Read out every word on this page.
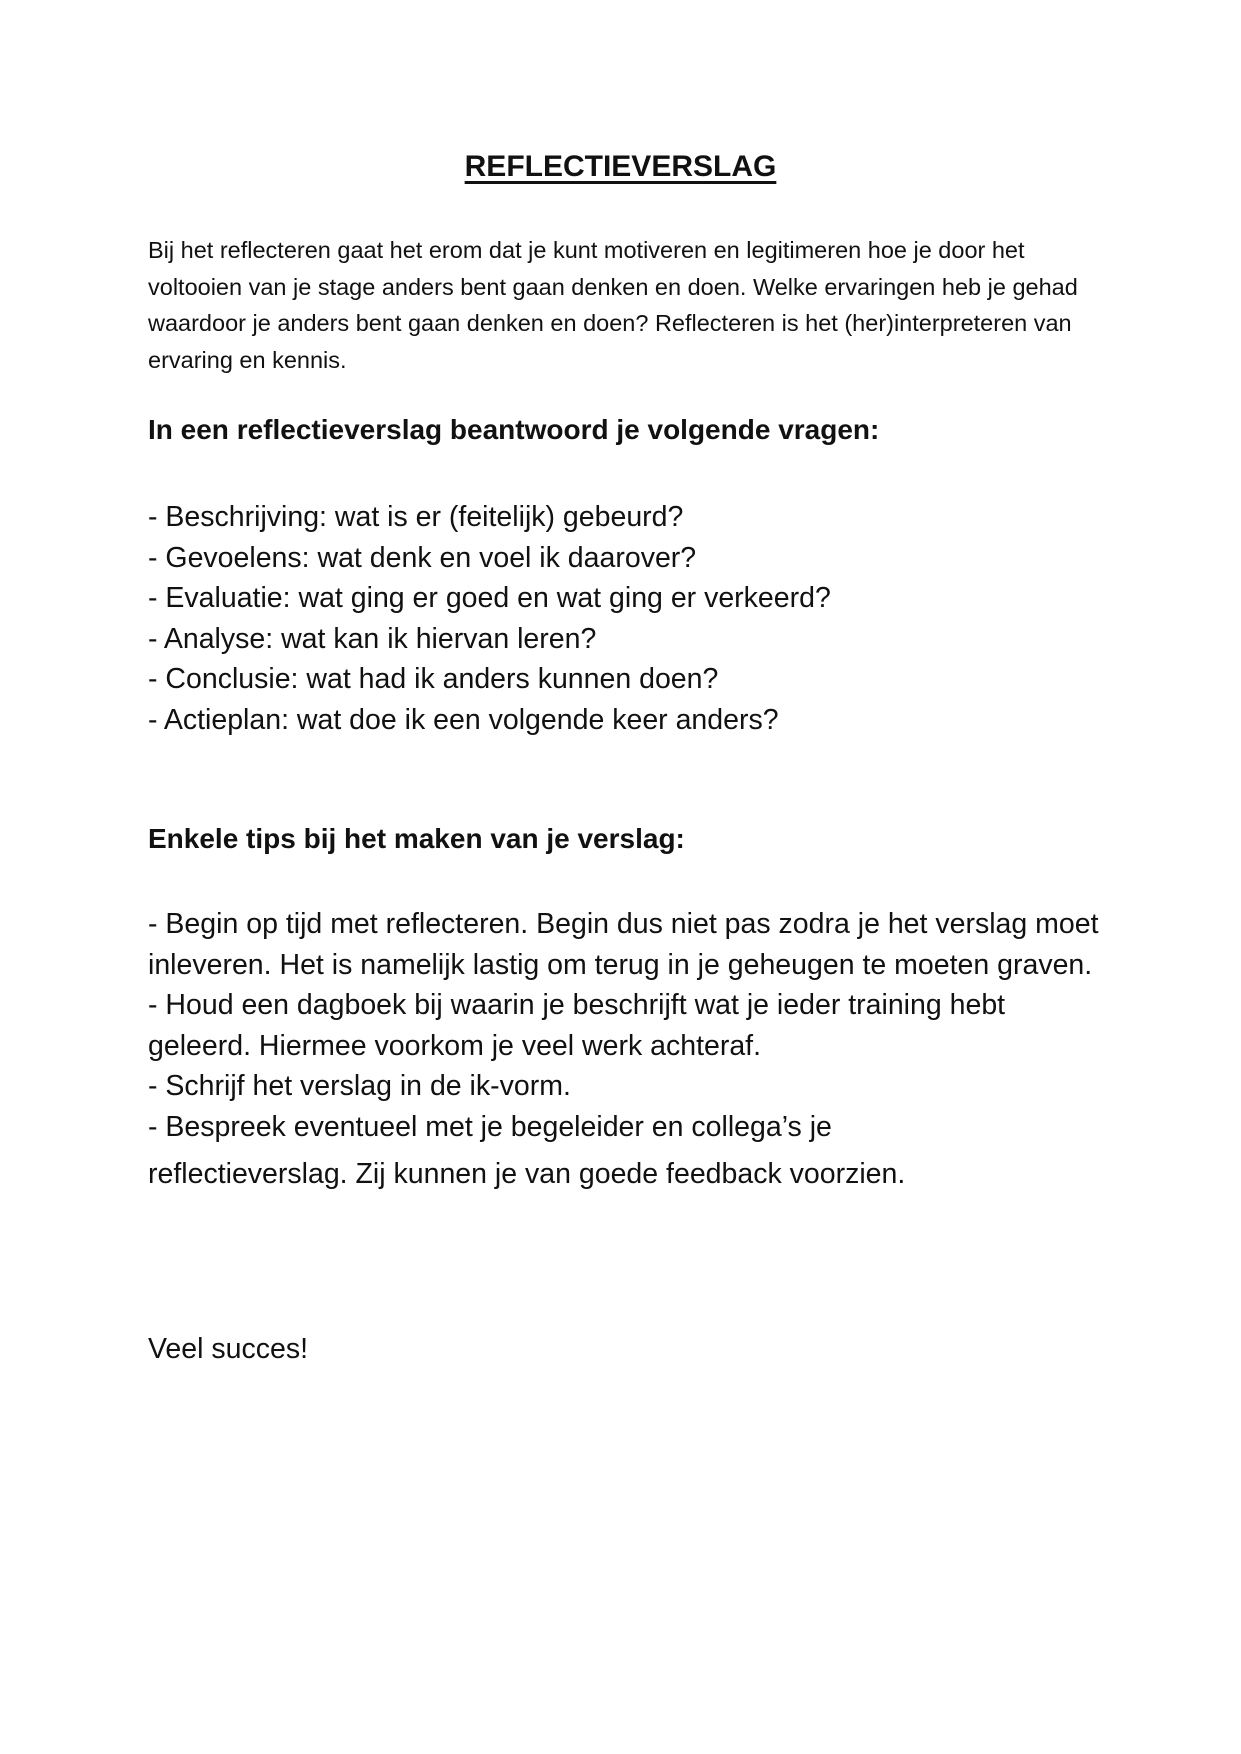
REFLECTIEVERSLAG

Bij het reflecteren gaat het erom dat je kunt motiveren en legitimeren hoe je door het voltooien van je stage anders bent gaan denken en doen. Welke ervaringen heb je gehad waardoor je anders bent gaan denken en doen? Reflecteren is het (her)interpreteren van ervaring en kennis.

In een reflectieverslag beantwoord je volgende vragen:
- Beschrijving: wat is er (feitelijk) gebeurd?
- Gevoelens: wat denk en voel ik daarover?
- Evaluatie: wat ging er goed en wat ging er verkeerd?
- Analyse: wat kan ik hiervan leren?
- Conclusie: wat had ik anders kunnen doen?
- Actieplan: wat doe ik een volgende keer anders?
Enkele tips bij het maken van je verslag:

- Begin op tijd met reflecteren. Begin dus niet pas zodra je het verslag moet inleveren. Het is namelijk lastig om terug in je geheugen te moeten graven.

- Houd een dagboek bij waarin je beschrijft wat je ieder training hebt geleerd. Hiermee voorkom je veel werk achteraf.

- Schrijf het verslag in de ik-vorm.

- Bespreek eventueel met je begeleider en collega’s je

reflectieverslag. Zij kunnen je van goede feedback voorzien.

Veel succes!
